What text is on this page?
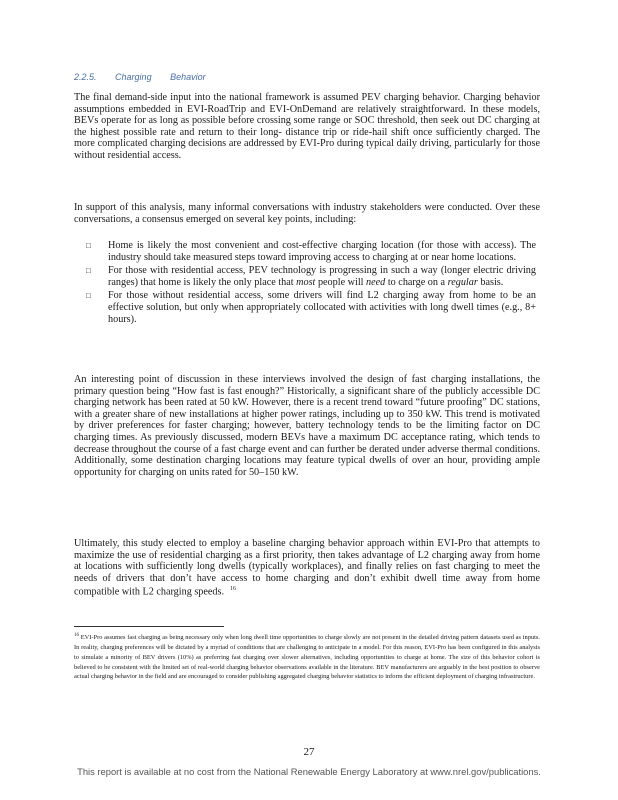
2.2.5. Charging Behavior

The final demand-side input into the national framework is assumed PEV charging behavior. Charging behavior assumptions embedded in EVI-RoadTrip and EVI-OnDemand are relatively straightforward. In these models, BEVs operate for as long as possible before crossing some range or SOC threshold, then seek out DC charging at the highest possible rate and return to their long- distance trip or ride-hail shift once sufficiently charged. The more complicated charging decisions are addressed by EVI-Pro during typical daily driving, particularly for those without residential access.

In support of this analysis, many informal conversations with industry stakeholders were conducted. Over these conversations, a consensus emerged on several key points, including:

□	Home is likely the most convenient and cost-effective charging location (for those with access). The industry should take measured steps toward improving access to charging at or near home locations.
□	For those with residential access, PEV technology is progressing in such a way (longer electric driving ranges) that home is likely the only place that most people will need to charge on a regular basis.
□	For those without residential access, some drivers will find L2 charging away from home to be an effective solution, but only when appropriately collocated with activities with long dwell times (e.g., 8+ hours).

An interesting point of discussion in these interviews involved the design of fast charging installations, the primary question being “How fast is fast enough?” Historically, a significant share of the publicly accessible DC charging network has been rated at 50 kW. However, there is a recent trend toward “future proofing” DC stations, with a greater share of new installations at higher power ratings, including up to 350 kW. This trend is motivated by driver preferences for faster charging; however, battery technology tends to be the limiting factor on DC charging times. As previously discussed, modern BEVs have a maximum DC acceptance rating, which tends to decrease throughout the course of a fast charge event and can further be derated under adverse thermal conditions. Additionally, some destination charging locations may feature typical dwells of over an hour, providing ample opportunity for charging on units rated for 50–150 kW.

Ultimately, this study elected to employ a baseline charging behavior approach within EVI-Pro that attempts to maximize the use of residential charging as a first priority, then takes advantage of L2 charging away from home at locations with sufficiently long dwells (typically workplaces), and finally relies on fast charging to meet the needs of drivers that don’t have access to home charging and don’t exhibit dwell time away from home compatible with L2 charging speeds. $^{16}$

$^{16}$ EVI-Pro assumes fast charging as being necessary only when long dwell time opportunities to charge slowly are not present in the detailed driving pattern datasets used as inputs. In reality, charging preferences will be dictated by a myriad of conditions that are challenging to anticipate in a model. For this reason, EVI-Pro has been configured in this analysis to simulate a minority of BEV drivers (10%) as preferring fast charging over slower alternatives, including opportunities to charge at home. The size of this behavior cohort is believed to be consistent with the limited set of real-world charging behavior observations available in the literature. BEV manufacturers are arguably in the best position to observe actual charging behavior in the field and are encouraged to consider publishing aggregated charging behavior statistics to inform the efficient deployment of charging infrastructure.
27
This report is available at no cost from the National Renewable Energy Laboratory at www.nrel.gov/publications.
